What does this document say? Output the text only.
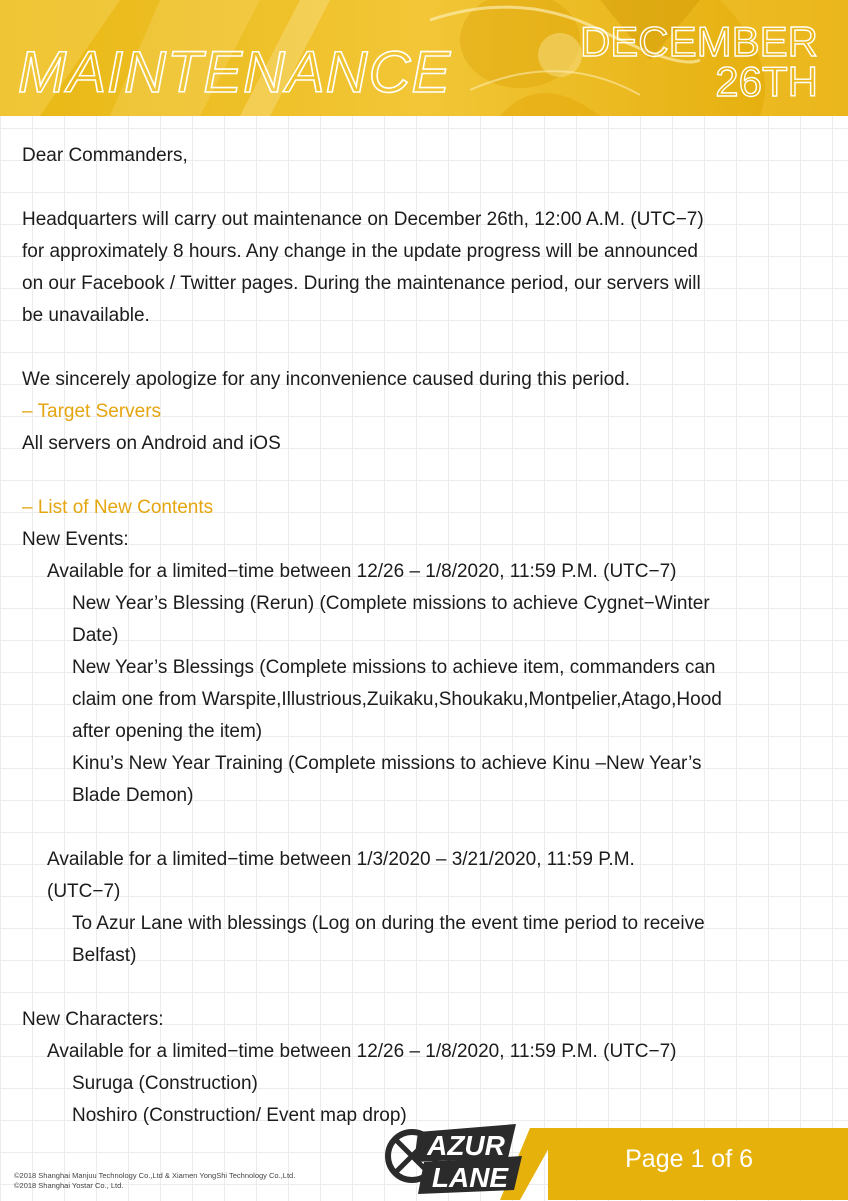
MAINTENANCE	DECEMBER
26TH

Dear Commanders,

Headquarters will carry out maintenance on December 26th, 12:00 A.M. (UTC−7)

for approximately 8 hours. Any change in the update progress will be announced

on our Facebook / Twitter pages. During the maintenance period, our servers will

be unavailable.

We sincerely apologize for any inconvenience caused during this period.

– Target Servers

All servers on Android and iOS

– List of New Contents

New Events:

Available for a limited−time between 12/26 – 1/8/2020, 11:59 P.M. (UTC−7)

New Year’s Blessing (Rerun) (Complete missions to achieve Cygnet−Winter

Date)

New Year’s Blessings (Complete missions to achieve item, commanders can

claim one from Warspite,Illustrious,Zuikaku,Shoukaku,Montpelier,Atago,Hood

after opening the item)

Kinu’s New Year Training (Complete missions to achieve Kinu –New Year’s

Blade Demon)

Available for a limited−time between 1/3/2020 – 3/21/2020, 11:59 P.M.

(UTC−7)

To Azur Lane with blessings (Log on during the event time period to receive

Belfast)

New Characters:

Available for a limited−time between 12/26 – 1/8/2020, 11:59 P.M. (UTC−7)

Suruga (Construction)

Noshiro (Construction/ Event map drop)

Page 1 of 6
AZUR
LANE
©2018 Shanghai Manjuu Technology Co.,Ltd & Xiamen YongShi Technology Co.,Ltd.
©2018 Shanghai Yostar Co., Ltd.
